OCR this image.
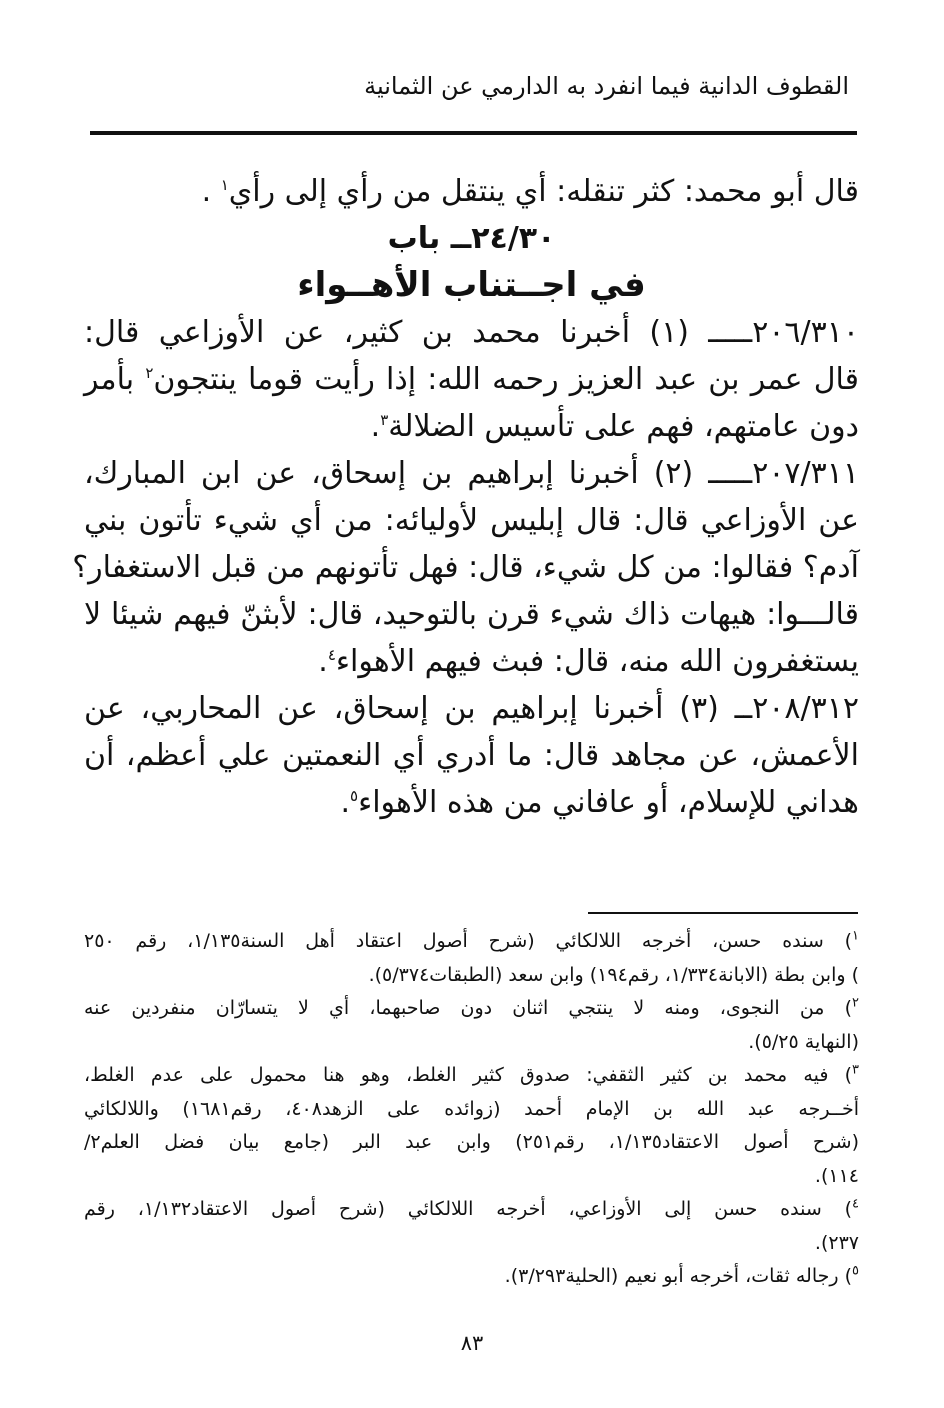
القطوف الدانية فيما انفرد به الدارمي عن الثمانية
قال أبو محمد: كثر تنقله: أي ينتقل من رأي إلى رأي$^١$ .
٢٤/٣٠ــ باب
في اجــتناب الأهــواء
٢٠٦/٣١٠ـــــ (١) أخبرنا محمد بن كثير، عن الأوزاعي قال:
قال عمر بن عبد العزيز رحمه الله: إذا رأيت قوما ينتجون$^٢$ بأمر
دون عامتهم، فهم على تأسيس الضلالة$^٣$.
٢٠٧/٣١١ـــــ (٢) أخبرنا إبراهيم بن إسحاق، عن ابن المبارك،
عن الأوزاعي قال: قال إبليس لأوليائه: من أي شيء تأتون بني
آدم؟ فقالوا: من كل شيء، قال: فهل تأتونهم من قبل الاستغفار؟
قالـــوا: هيهات ذاك شيء قرن بالتوحيد، قال: لأبثنّ فيهم شيئا لا
يستغفرون الله منه، قال: فبث فيهم الأهواء$^٤$.
٢٠٨/٣١٢ــ (٣) أخبرنا إبراهيم بن إسحاق، عن المحاربي، عن
الأعمش، عن مجاهد قال: ما أدري أي النعمتين علي أعظم، أن
هداني للإسلام، أو عافاني من هذه الأهواء$^٥$.
$^١$) سنده حسن، أخرجه اللالكائي (شرح أصول اعتقاد أهل السنة١/١٣٥، رقم ٢٥٠
) وابن بطة (الابانة١/٣٣٤، رقم١٩٤) وابن سعد (الطبقات٥/٣٧٤).
$^٢$) من النجوى، ومنه لا ينتجي اثنان دون صاحبهما، أي لا يتسارّان منفردين عنه
(النهاية ٥/٢٥).
$^٣$) فيه محمد بن كثير الثقفي: صدوق كثير الغلط، وهو هنا محمول على عدم الغلط،
أخــرجه عبد الله بن الإمام أحمد (زوائده على الزهد٤٠٨، رقم١٦٨١) واللالكائي
(شرح أصول الاعتقاد١/١٣٥، رقم٢٥١) وابن عبد البر (جامع بيان فضل العلم٢/
١١٤).
$^٤$) سنده حسن إلى الأوزاعي، أخرجه اللالكائي (شرح أصول الاعتقاد١/١٣٢، رقم
٢٣٧).
$^٥$) رجاله ثقات، أخرجه أبو نعيم (الحلية٣/٢٩٣).
٨٣
